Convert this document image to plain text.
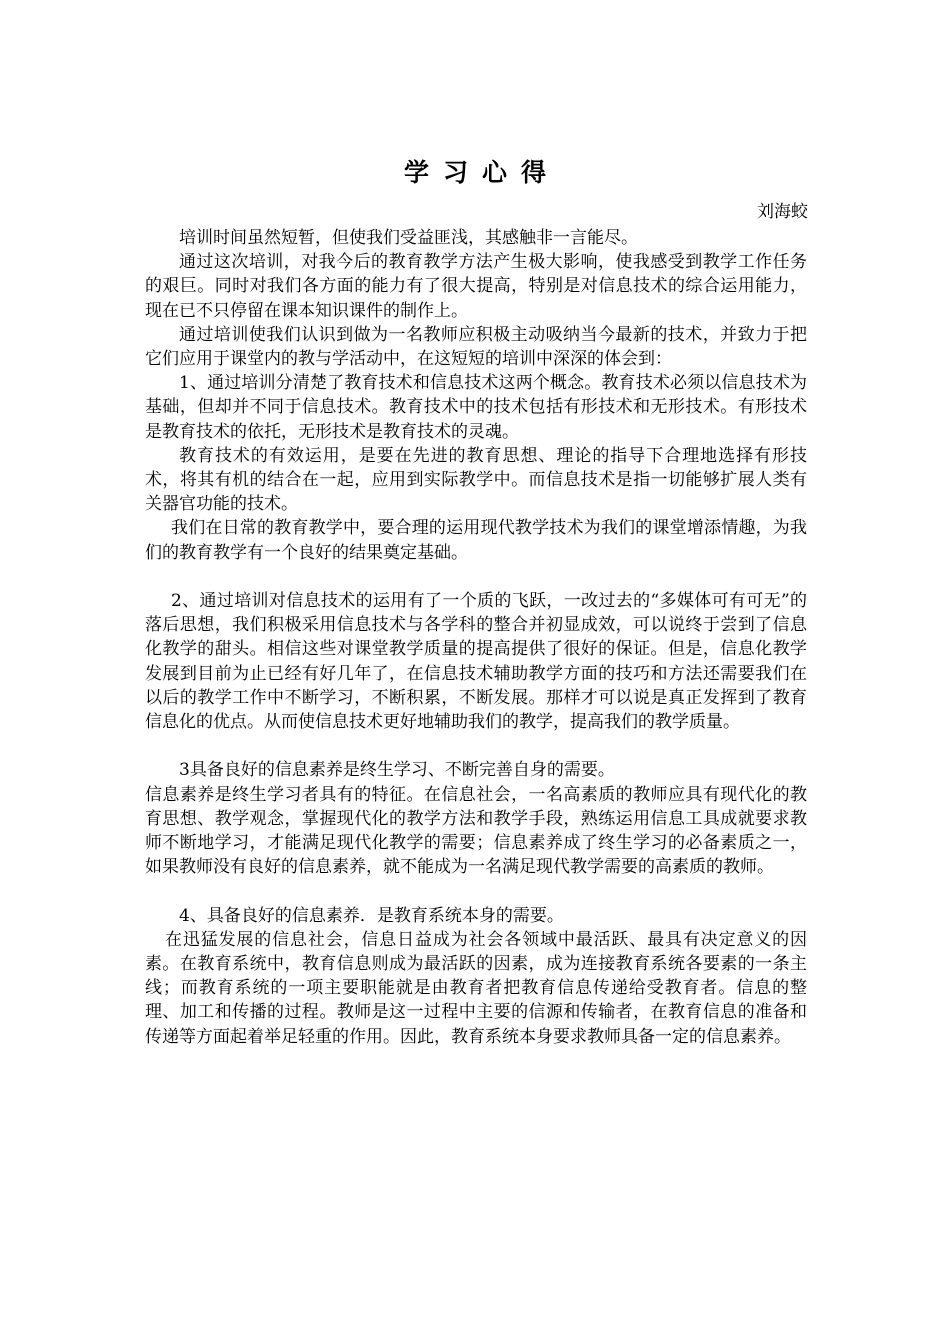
学习心得
刘海蛟

培训时间虽然短暂，但使我们受益匪浅，其感触非一言能尽。

通过这次培训，对我今后的教育教学方法产生极大影响，使我感受到教学工作任务的艰巨。同时对我们各方面的能力有了很大提高，特别是对信息技术的综合运用能力，现在已不只停留在课本知识课件的制作上。

通过培训使我们认识到做为一名教师应积极主动吸纳当今最新的技术，并致力于把它们应用于课堂内的教与学活动中，在这短短的培训中深深的体会到：

1、通过培训分清楚了教育技术和信息技术这两个概念。教育技术必须以信息技术为基础，但却并不同于信息技术。教育技术中的技术包括有形技术和无形技术。有形技术是教育技术的依托，无形技术是教育技术的灵魂。

教育技术的有效运用，是要在先进的教育思想、理论的指导下合理地选择有形技术，将其有机的结合在一起，应用到实际教学中。而信息技术是指一切能够扩展人类有关器官功能的技术。

我们在日常的教育教学中，要合理的运用现代教学技术为我们的课堂增添情趣，为我们的教育教学有一个良好的结果奠定基础。

2、通过培训对信息技术的运用有了一个质的飞跃，一改过去的“多媒体可有可无”的落后思想，我们积极采用信息技术与各学科的整合并初显成效，可以说终于尝到了信息化教学的甜头。相信这些对课堂教学质量的提高提供了很好的保证。但是，信息化教学发展到目前为止已经有好几年了，在信息技术辅助教学方面的技巧和方法还需要我们在以后的教学工作中不断学习，不断积累，不断发展。那样才可以说是真正发挥到了教育信息化的优点。从而使信息技术更好地辅助我们的教学，提高我们的教学质量。

3具备良好的信息素养是终生学习、不断完善自身的需要。

信息素养是终生学习者具有的特征。在信息社会，一名高素质的教师应具有现代化的教育思想、教学观念，掌握现代化的教学方法和教学手段，熟练运用信息工具成就要求教师不断地学习，才能满足现代化教学的需要；信息素养成了终生学习的必备素质之一，如果教师没有良好的信息素养，就不能成为一名满足现代教学需要的高素质的教师。

4、具备良好的信息素养．是教育系统本身的需要。

在迅猛发展的信息社会，信息日益成为社会各领域中最活跃、最具有决定意义的因素。在教育系统中，教育信息则成为最活跃的因素，成为连接教育系统各要素的一条主线；而教育系统的一项主要职能就是由教育者把教育信息传递给受教育者。信息的整理、加工和传播的过程。教师是这一过程中主要的信源和传输者，在教育信息的准备和传递等方面起着举足轻重的作用。因此，教育系统本身要求教师具备一定的信息素养。
